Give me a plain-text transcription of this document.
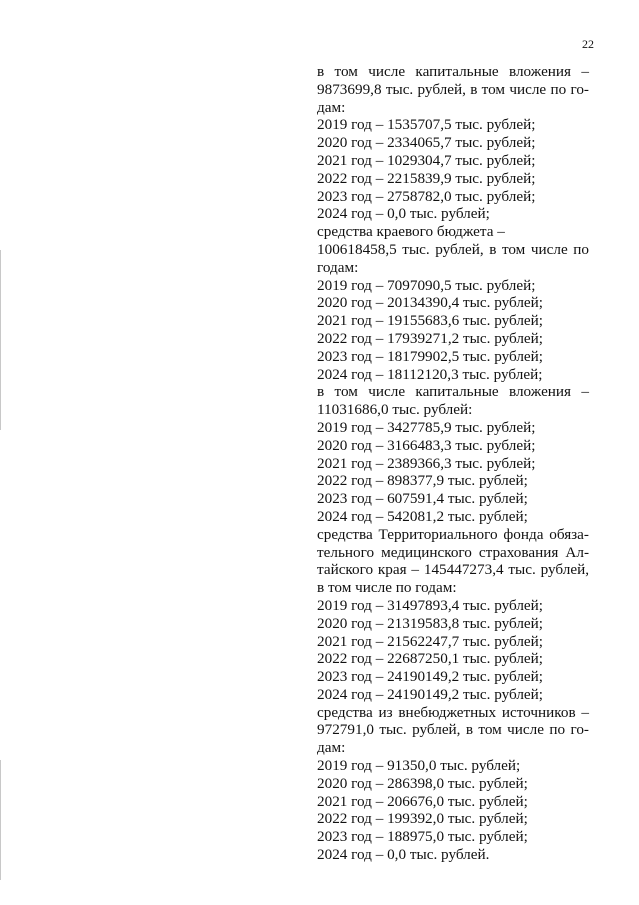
22
в том числе капитальные вложения –
9873699,8 тыс. рублей, в том числе по го-
дам:
2019 год – 1535707,5 тыс. рублей;
2020 год – 2334065,7 тыс. рублей;
2021 год – 1029304,7 тыс. рублей;
2022 год – 2215839,9 тыс. рублей;
2023 год – 2758782,0 тыс. рублей;
2024 год – 0,0 тыс. рублей;
средства краевого бюджета –
100618458,5 тыс. рублей, в том числе по
годам:
2019 год – 7097090,5 тыс. рублей;
2020 год – 20134390,4 тыс. рублей;
2021 год – 19155683,6 тыс. рублей;
2022 год – 17939271,2 тыс. рублей;
2023 год – 18179902,5 тыс. рублей;
2024 год – 18112120,3 тыс. рублей;
в том числе капитальные вложения –
11031686,0 тыс. рублей:
2019 год – 3427785,9 тыс. рублей;
2020 год – 3166483,3 тыс. рублей;
2021 год – 2389366,3 тыс. рублей;
2022 год – 898377,9 тыс. рублей;
2023 год – 607591,4 тыс. рублей;
2024 год – 542081,2 тыс. рублей;
средства Территориального фонда обяза-
тельного медицинского страхования Ал-
тайского края – 145447273,4 тыс. рублей,
в том числе по годам:
2019 год – 31497893,4 тыс. рублей;
2020 год – 21319583,8 тыс. рублей;
2021 год – 21562247,7 тыс. рублей;
2022 год – 22687250,1 тыс. рублей;
2023 год – 24190149,2 тыс. рублей;
2024 год – 24190149,2 тыс. рублей;
средства из внебюджетных источников –
972791,0 тыс. рублей, в том числе по го-
дам:
2019 год – 91350,0 тыс. рублей;
2020 год – 286398,0 тыс. рублей;
2021 год – 206676,0 тыс. рублей;
2022 год – 199392,0 тыс. рублей;
2023 год – 188975,0 тыс. рублей;
2024 год – 0,0 тыс. рублей.
